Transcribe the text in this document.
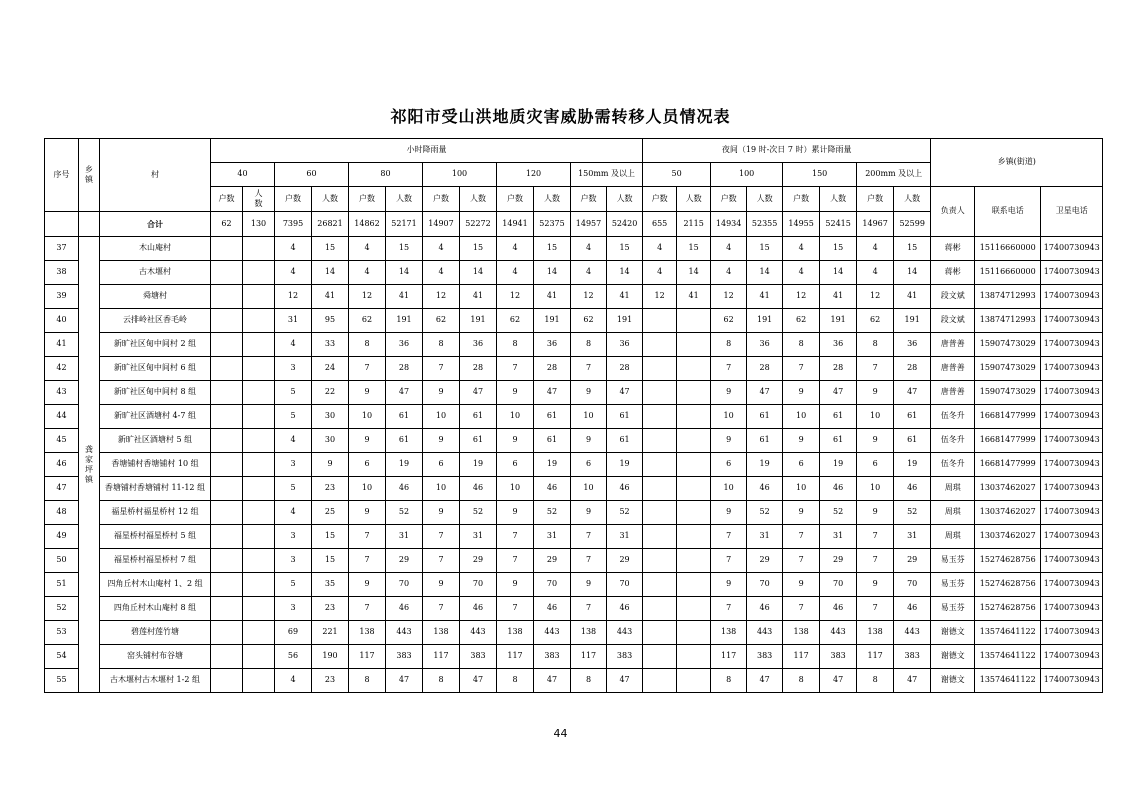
祁阳市受山洪地质灾害威胁需转移人员情况表
序号	乡镇	村	小时降雨量												夜间（19 时-次日 7 时）累计降雨量								乡镇(街道)		
			40		60		80		100		120		150mm 及以上		50		100		150		200mm 及以上				
			户数	人数	户数	人数	户数	人数	户数	人数	户数	人数	户数	人数	户数	人数	户数	人数	户数	人数	户数	人数	负责人	联系电话	卫星电话
		合计	62	130	7395	26821	14862	52171	14907	52272	14941	52375	14957	52420	655	2115	14934	52355	14955	52415	14967	52599			
37	龚家坪镇	木山庵村			4	15	4	15	4	15	4	15	4	15	4	15	4	15	4	15	4	15	蒋彬	15116660000	17400730943
38		古木堰村			4	14	4	14	4	14	4	14	4	14	4	14	4	14	4	14	4	14	蒋彬	15116660000	17400730943
39		舜塘村			12	41	12	41	12	41	12	41	12	41	12	41	12	41	12	41	12	41	段文斌	13874712993	17400730943
40		云排岭社区香毛岭			31	95	62	191	62	191	62	191	62	191			62	191	62	191	62	191	段文斌	13874712993	17400730943
41		新旷社区甸中间村 2 组			4	33	8	36	8	36	8	36	8	36			8	36	8	36	8	36	唐普善	15907473029	17400730943
42		新旷社区甸中间村 6 组			3	24	7	28	7	28	7	28	7	28			7	28	7	28	7	28	唐普善	15907473029	17400730943
43		新旷社区甸中间村 8 组			5	22	9	47	9	47	9	47	9	47			9	47	9	47	9	47	唐普善	15907473029	17400730943
44		新旷社区酒塘村 4-7 组			5	30	10	61	10	61	10	61	10	61			10	61	10	61	10	61	伍冬升	16681477999	17400730943
45		新旷社区酒塘村 5 组			4	30	9	61	9	61	9	61	9	61			9	61	9	61	9	61	伍冬升	16681477999	17400730943
46		香塘铺村香塘铺村 10 组			3	9	6	19	6	19	6	19	6	19			6	19	6	19	6	19	伍冬升	16681477999	17400730943
47		香塘铺村香塘铺村 11-12 组			5	23	10	46	10	46	10	46	10	46			10	46	10	46	10	46	周琪	13037462027	17400730943
48		福星桥村福星桥村 12 组			4	25	9	52	9	52	9	52	9	52			9	52	9	52	9	52	周琪	13037462027	17400730943
49		福星桥村福星桥村 5 组			3	15	7	31	7	31	7	31	7	31			7	31	7	31	7	31	周琪	13037462027	17400730943
50		福星桥村福星桥村 7 组			3	15	7	29	7	29	7	29	7	29			7	29	7	29	7	29	易玉芬	15274628756	17400730943
51		四角丘村木山庵村 1、2 组			5	35	9	70	9	70	9	70	9	70			9	70	9	70	9	70	易玉芬	15274628756	17400730943
52		四角丘村木山庵村 8 组			3	23	7	46	7	46	7	46	7	46			7	46	7	46	7	46	易玉芬	15274628756	17400730943
53		碧莲村莲竹塘			69	221	138	443	138	443	138	443	138	443			138	443	138	443	138	443	谢德文	13574641122	17400730943
54		窑头铺村布谷塘			56	190	117	383	117	383	117	383	117	383			117	383	117	383	117	383	谢德文	13574641122	17400730943
55		古木堰村古木堰村 1-2 组			4	23	8	47	8	47	8	47	8	47			8	47	8	47	8	47	谢德文	13574641122	17400730943
44
